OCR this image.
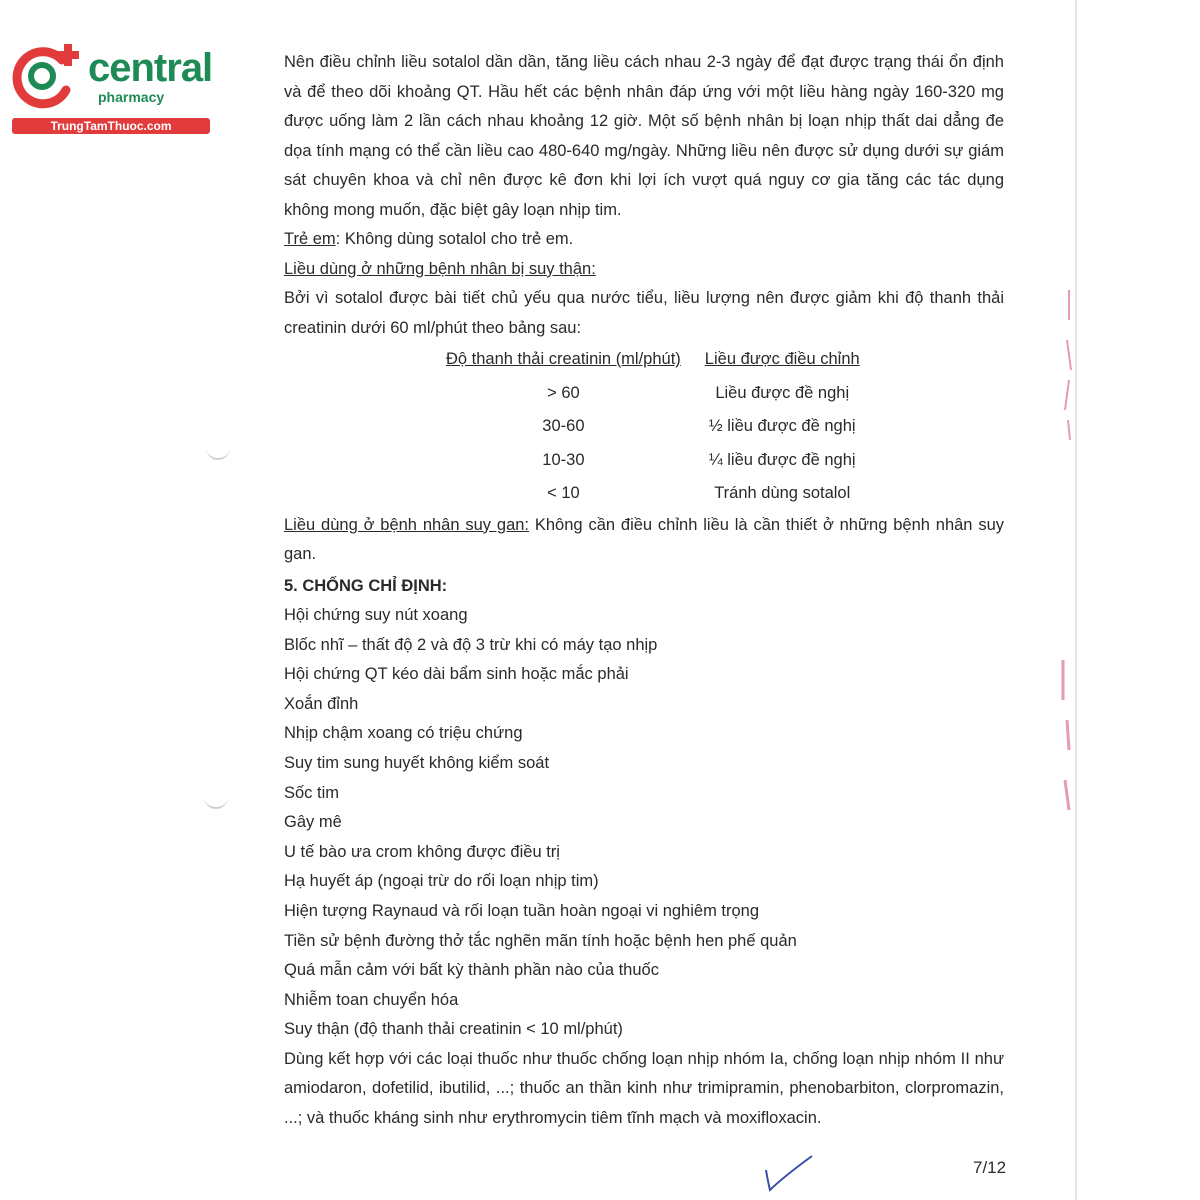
central
pharmacy
TrungTamThuoc.com

Nên điều chỉnh liều sotalol dần dần, tăng liều cách nhau 2-3 ngày để đạt được trạng thái ổn định và để theo dõi khoảng QT. Hầu hết các bệnh nhân đáp ứng với một liều hàng ngày 160-320 mg được uống làm 2 lần cách nhau khoảng 12 giờ. Một số bệnh nhân bị loạn nhịp thất dai dẳng đe dọa tính mạng có thể cần liều cao 480-640 mg/ngày. Những liều nên được sử dụng dưới sự giám sát chuyên khoa và chỉ nên được kê đơn khi lợi ích vượt quá nguy cơ gia tăng các tác dụng không mong muốn, đặc biệt gây loạn nhịp tim.

Trẻ em: Không dùng sotalol cho trẻ em.

Liều dùng ở những bệnh nhân bị suy thận:

Bởi vì sotalol được bài tiết chủ yếu qua nước tiểu, liều lượng nên được giảm khi độ thanh thải creatinin dưới 60 ml/phút theo bảng sau:

Độ thanh thải creatinin (ml/phút)	Liều được điều chỉnh
> 60	Liều được đề nghị
30-60	½ liều được đề nghị
10-30	¼ liều được đề nghị
< 10	Tránh dùng sotalol

Liều dùng ở bệnh nhân suy gan: Không cần điều chỉnh liều là cần thiết ở những bệnh nhân suy gan.

5. CHỐNG CHỈ ĐỊNH:
Hội chứng suy nút xoang
Blốc nhĩ – thất độ 2 và độ 3 trừ khi có máy tạo nhịp
Hội chứng QT kéo dài bẩm sinh hoặc mắc phải
Xoắn đỉnh
Nhịp chậm xoang có triệu chứng
Suy tim sung huyết không kiểm soát
Sốc tim
Gây mê
U tế bào ưa crom không được điều trị
Hạ huyết áp (ngoại trừ do rối loạn nhịp tim)
Hiện tượng Raynaud và rối loạn tuần hoàn ngoại vi nghiêm trọng
Tiền sử bệnh đường thở tắc nghẽn mãn tính hoặc bệnh hen phế quản
Quá mẫn cảm với bất kỳ thành phần nào của thuốc
Nhiễm toan chuyển hóa
Suy thận (độ thanh thải creatinin < 10 ml/phút)

Dùng kết hợp với các loại thuốc như thuốc chống loạn nhịp nhóm Ia, chống loạn nhịp nhóm II như amiodaron, dofetilid, ibutilid, ...; thuốc an thần kinh như trimipramin, phenobarbiton, clorpromazin, ...; và thuốc kháng sinh như erythromycin tiêm tĩnh mạch và moxifloxacin.

7/12
